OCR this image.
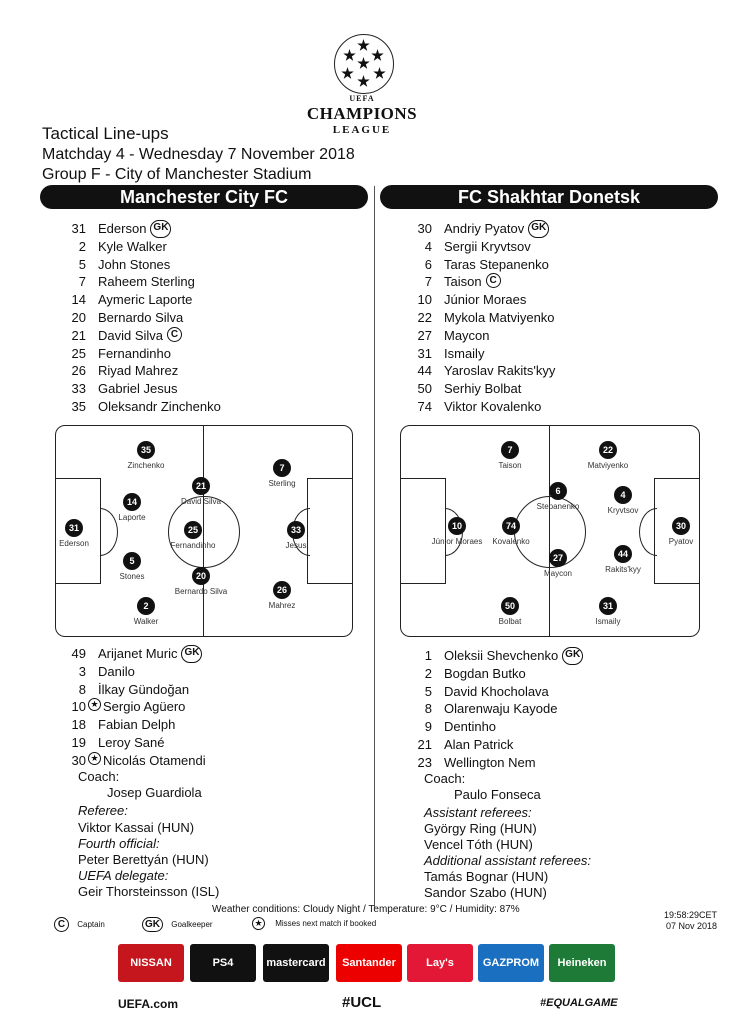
UEFA
CHAMPIONS
LEAGUE
Tactical Line-ups
Matchday 4 - Wednesday 7 November 2018
Group F - City of Manchester Stadium
Manchester City FC	FC Shakhtar Donetsk
31 Ederson GK
2 Kyle Walker
5 John Stones
7 Raheem Sterling
14 Aymeric Laporte
20 Bernardo Silva
21 David Silva C
25 Fernandinho
26 Riyad Mahrez
33 Gabriel Jesus
35 Oleksandr Zinchenko
30 Andriy Pyatov GK
4 Sergii Kryvtsov
6 Taras Stepanenko
7 Taison C
10 Júnior Moraes
22 Mykola Matviyenko
27 Maycon
31 Ismaily
44 Yaroslav Rakits'kyy
50 Serhiy Bolbat
74 Viktor Kovalenko
31
Ederson
14
Laporte
5
Stones
35
Zinchenko
2
Walker
21
David Silva
25
Fernandinho
20
Bernardo Silva
7
Sterling
33
Jesus
26
Mahrez
7
Taison
22
Matviyenko
6
Stepanenko
4
Kryvtsov
10
Júnior Moraes
74
Kovalenko
30
Pyatov
27
Maycon
44
Rakits'kyy
50
Bolbat
31
Ismaily
49 Arijanet Muric GK
3 Danilo
8 İlkay Gündoğan
10 ★ Sergio Agüero
18 Fabian Delph
19 Leroy Sané
30 ★ Nicolás Otamendi
1 Oleksii Shevchenko GK
2 Bogdan Butko
5 David Khocholava
8 Olarenwaju Kayode
9 Dentinho
21 Alan Patrick
23 Wellington Nem
Coach:
Josep Guardiola
Coach:
Paulo Fonseca
Referee:
Viktor Kassai (HUN)
Fourth official:
Peter Berettyán (HUN)
UEFA delegate:
Geir Thorsteinsson (ISL)
Assistant referees:
György Ring (HUN)
Vencel Tóth (HUN)
Additional assistant referees:
Tamás Bognar (HUN)
Sandor Szabo (HUN)
Weather conditions: Cloudy Night / Temperature: 9°C / Humidity: 87%	19:58:29CET
07 Nov 2018
C Captain	GK Goalkeeper	★ Misses next match if booked
NISSAN	PS4	mastercard	Santander	Lay's	GAZPROM	Heineken
UEFA.com	#UCL	#EQUALGAME
